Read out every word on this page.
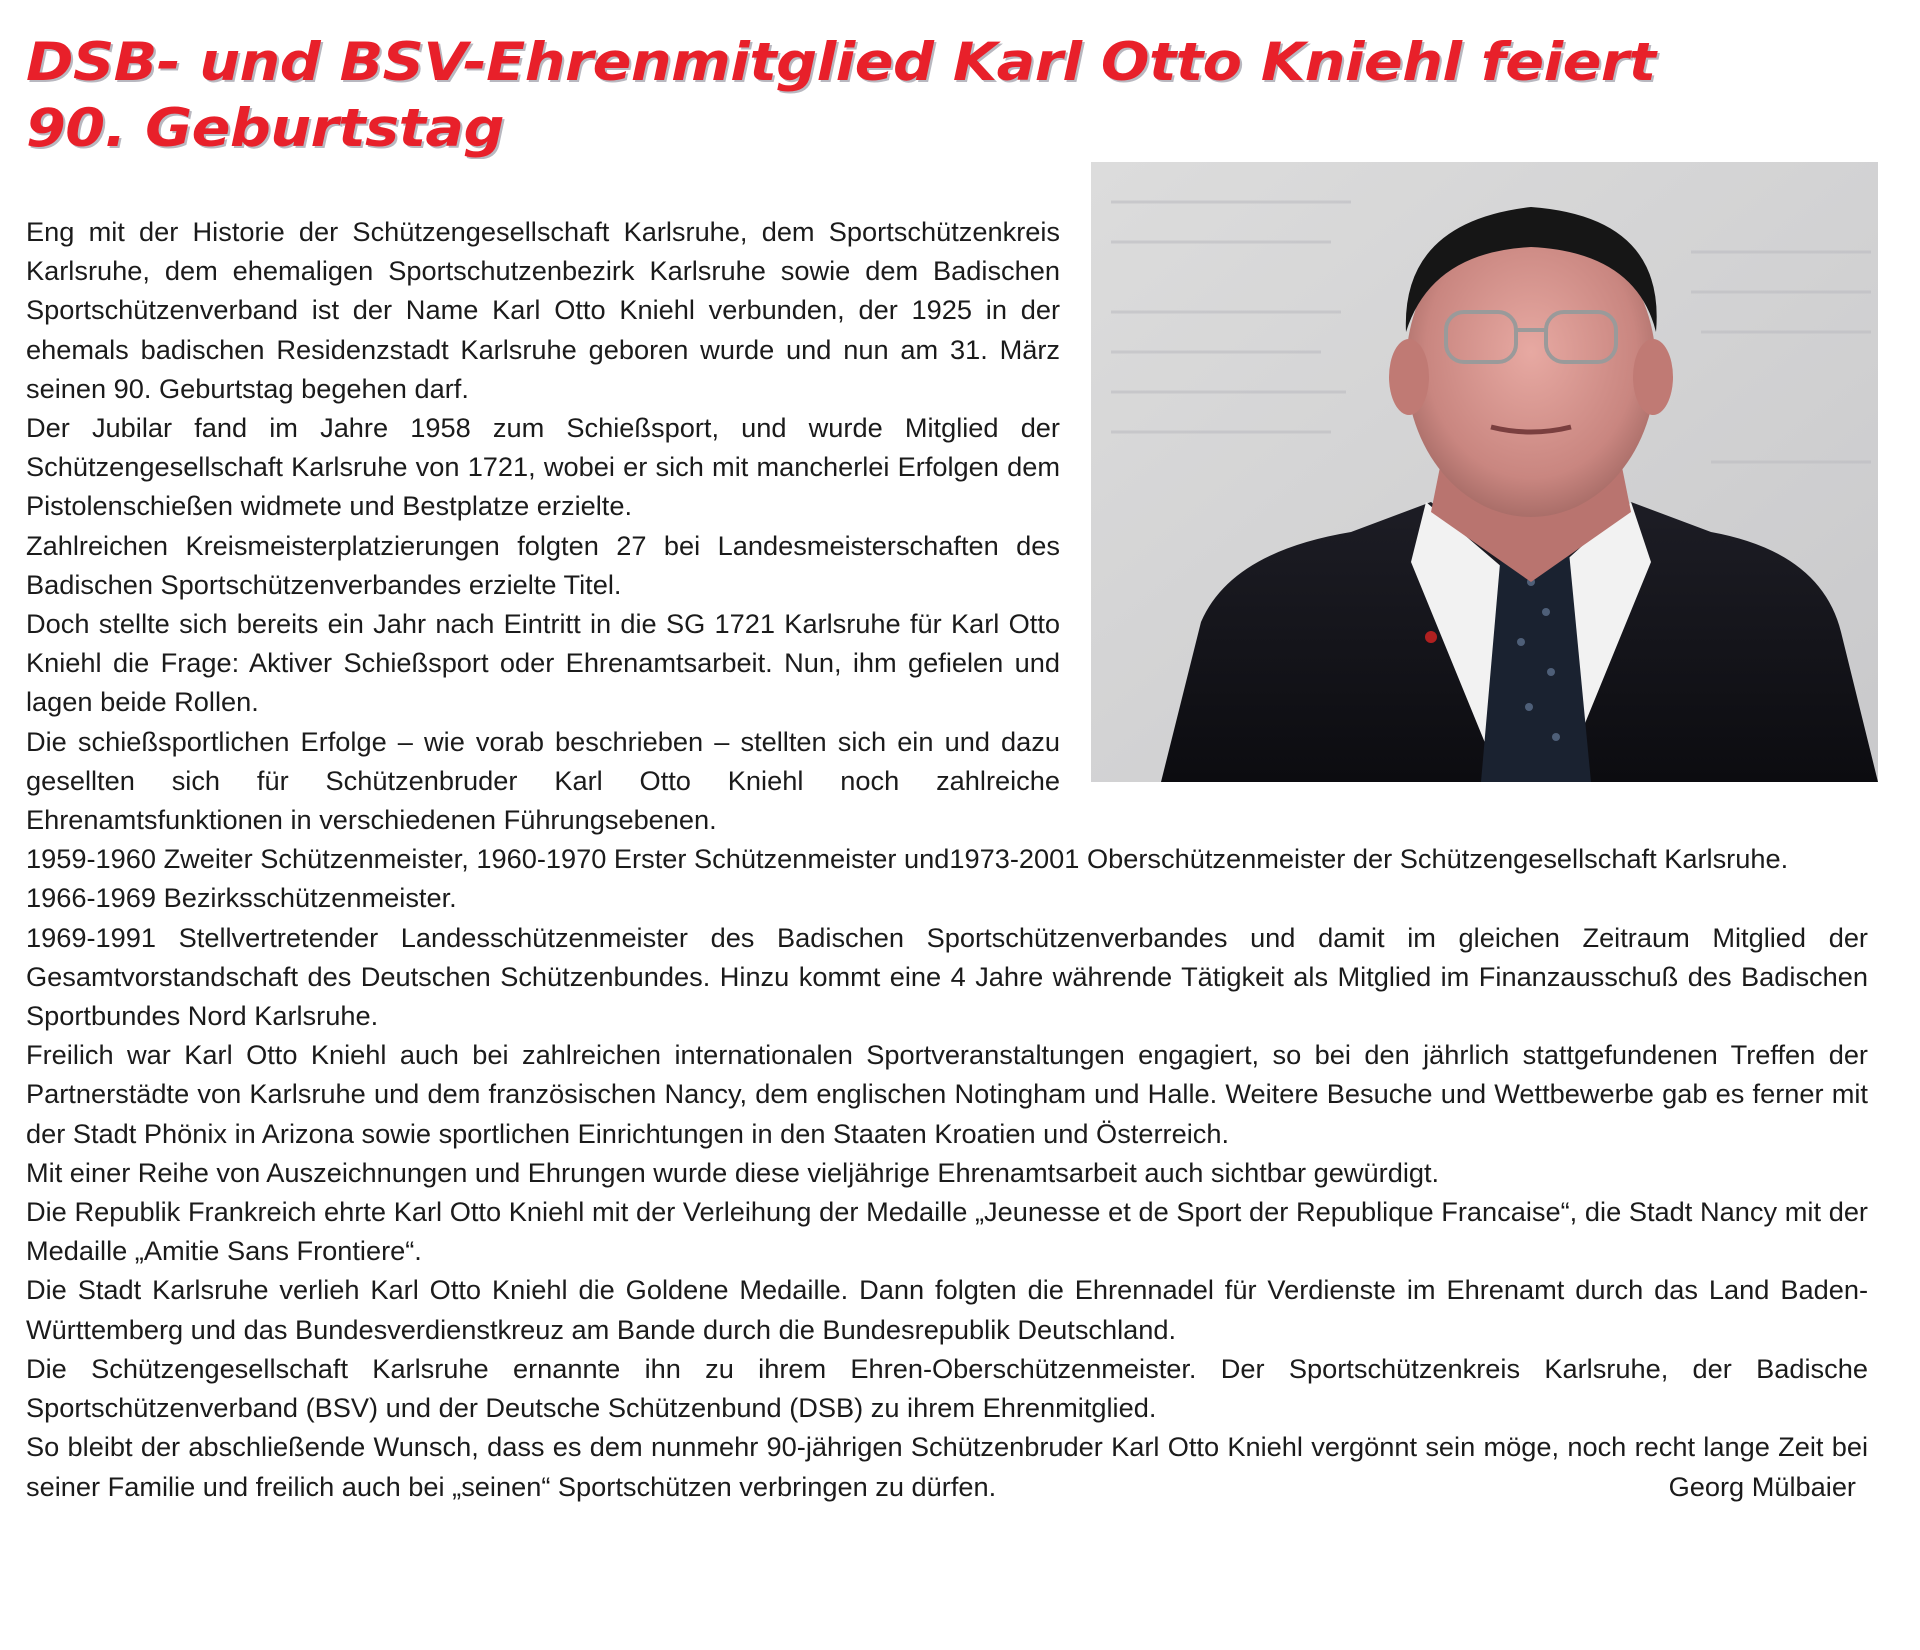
DSB- und BSV-Ehrenmitglied Karl Otto Kniehl feiert
90. Geburtstag

Eng mit der Historie der Schützengesellschaft Karlsruhe, dem Sportschützenkreis Karlsruhe, dem ehemaligen Sportschutzenbezirk Karlsruhe sowie dem Badischen Sportschützenverband ist der Name Karl Otto Kniehl verbunden, der 1925 in der ehemals badischen Residenzstadt Karlsruhe geboren wurde und nun am 31. März seinen 90. Geburtstag begehen darf.

Der Jubilar fand im Jahre 1958 zum Schießsport, und wurde Mitglied der Schützengesellschaft Karlsruhe von 1721, wobei er sich mit mancherlei Erfolgen dem Pistolenschießen widmete und Bestplatze erzielte.

Zahlreichen Kreismeisterplatzierungen folgten 27 bei Landesmeisterschaften des Badischen Sportschützenverbandes erzielte Titel.

Doch stellte sich bereits ein Jahr nach Eintritt in die SG 1721 Karlsruhe für Karl Otto Kniehl die Frage: Aktiver Schießsport oder Ehrenamtsarbeit. Nun, ihm gefielen und lagen beide Rollen.

Die schießsportlichen Erfolge – wie vorab beschrieben – stellten sich ein und dazu gesellten sich für Schützenbruder Karl Otto Kniehl noch zahlreiche Ehrenamtsfunktionen in verschiedenen Führungsebenen.

1959-1960 Zweiter Schützenmeister, 1960-1970 Erster Schützenmeister und1973-2001 Oberschützenmeister der Schützengesellschaft Karlsruhe.

1966-1969 Bezirksschützenmeister.

1969-1991 Stellvertretender Landesschützenmeister des Badischen Sportschützenverbandes und damit im gleichen Zeitraum Mitglied der Gesamtvorstandschaft des Deutschen Schützenbundes. Hinzu kommt eine 4 Jahre währende Tätigkeit als Mitglied im Finanzausschuß des Badischen Sportbundes Nord Karlsruhe.

Freilich war Karl Otto Kniehl auch bei zahlreichen internationalen Sportveranstaltungen engagiert, so bei den jährlich stattgefundenen Treffen der Partnerstädte von Karlsruhe und dem französischen Nancy, dem englischen Notingham und Halle. Weitere Besuche und Wettbewerbe gab es ferner mit der Stadt Phönix in Arizona sowie sportlichen Einrichtungen in den Staaten Kroatien und Österreich.

Mit einer Reihe von Auszeichnungen und Ehrungen wurde diese vieljährige Ehrenamtsarbeit auch sichtbar gewürdigt.

Die Republik Frankreich ehrte Karl Otto Kniehl mit der Verleihung der Medaille „Jeunesse et de Sport der Republique Francaise“, die Stadt Nancy mit der Medaille „Amitie Sans Frontiere“.

Die Stadt Karlsruhe verlieh Karl Otto Kniehl die Goldene Medaille. Dann folgten die Ehrennadel für Verdienste im Ehrenamt durch das Land Baden-Württemberg und das Bundesverdienstkreuz am Bande durch die Bundesrepublik Deutschland.

Die Schützengesellschaft Karlsruhe ernannte ihn zu ihrem Ehren-Oberschützenmeister. Der Sportschützenkreis Karlsruhe, der Badische Sportschützenverband (BSV) und der Deutsche Schützenbund (DSB) zu ihrem Ehrenmitglied.

So bleibt der abschließende Wunsch, dass es dem nunmehr 90-jährigen Schützenbruder Karl Otto Kniehl vergönnt sein möge, noch recht lange Zeit bei seiner Familie und freilich auch bei „seinen“ Sportschützen verbringen zu dürfen.	Georg Mülbaier
